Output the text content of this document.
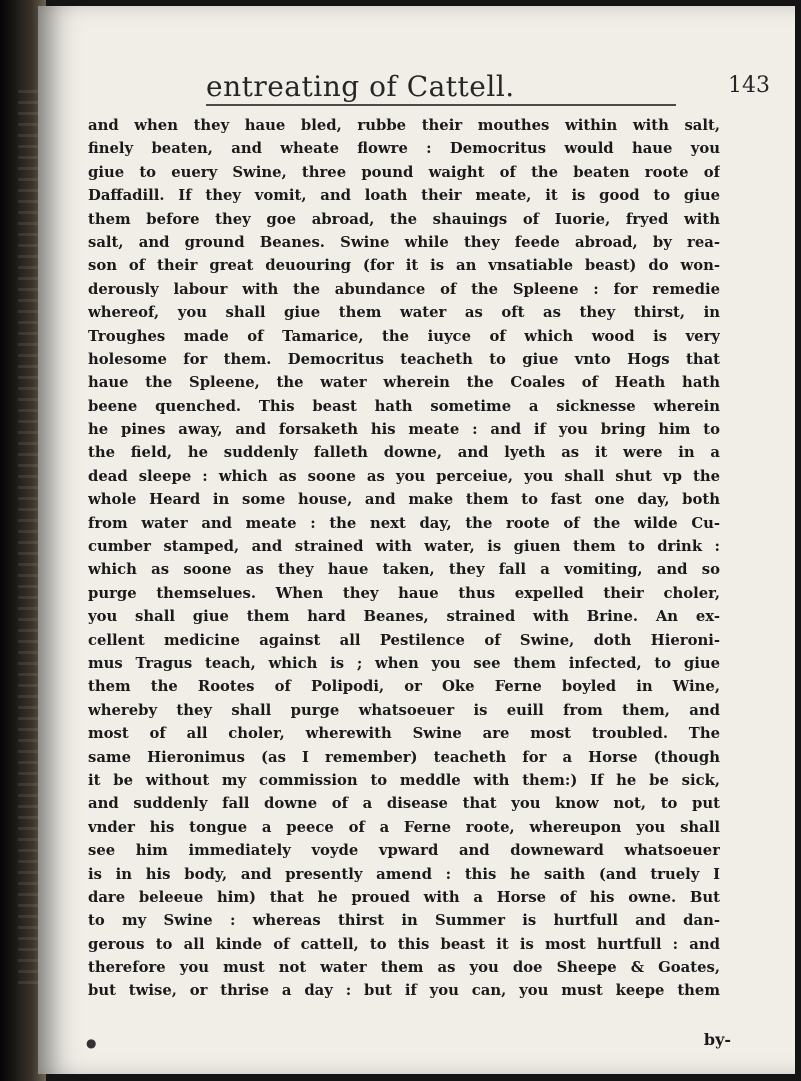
entreating of Cattell.	143
and when they haue bled, rubbe their mouthes within with salt,
finely beaten, and wheate flowre : Democritus would haue you
giue to euery Swine, three pound waight of the beaten roote of
Daffadill. If they vomit, and loath their meate, it is good to giue
them before they goe abroad, the shauings of Iuorie, fryed with
salt, and ground Beanes. Swine while they feede abroad, by rea-
son of their great deuouring (for it is an vnsatiable beast) do won-
derously labour with the abundance of the Spleene : for remedie
whereof, you shall giue them water as oft as they thirst, in
Troughes made of Tamarice, the iuyce of which wood is very
holesome for them. Democritus teacheth to giue vnto Hogs that
haue the Spleene, the water wherein the Coales of Heath hath
beene quenched. This beast hath sometime a sicknesse wherein
he pines away, and forsaketh his meate : and if you bring him to
the field, he suddenly falleth downe, and lyeth as it were in a
dead sleepe : which as soone as you perceiue, you shall shut vp the
whole Heard in some house, and make them to fast one day, both
from water and meate : the next day, the roote of the wilde Cu-
cumber stamped, and strained with water, is giuen them to drink :
which as soone as they haue taken, they fall a vomiting, and so
purge themselues. When they haue thus expelled their choler,
you shall giue them hard Beanes, strained with Brine. An ex-
cellent medicine against all Pestilence of Swine, doth Hieroni-
mus Tragus teach, which is ; when you see them infected, to giue
them the Rootes of Polipodi, or Oke Ferne boyled in Wine,
whereby they shall purge whatsoeuer is euill from them, and
most of all choler, wherewith Swine are most troubled. The
same Hieronimus (as I remember) teacheth for a Horse (though
it be without my commission to meddle with them:) If he be sick,
and suddenly fall downe of a disease that you know not, to put
vnder his tongue a peece of a Ferne roote, whereupon you shall
see him immediately voyde vpward and downeward whatsoeuer
is in his body, and presently amend : this he saith (and truely I
dare beleeue him) that he proued with a Horse of his owne. But
to my Swine : whereas thirst in Summer is hurtfull and dan-
gerous to all kinde of cattell, to this beast it is most hurtfull : and
therefore you must not water them as you doe Sheepe & Goates,
but twise, or thrise a day : but if you can, you must keepe them
●	by-
